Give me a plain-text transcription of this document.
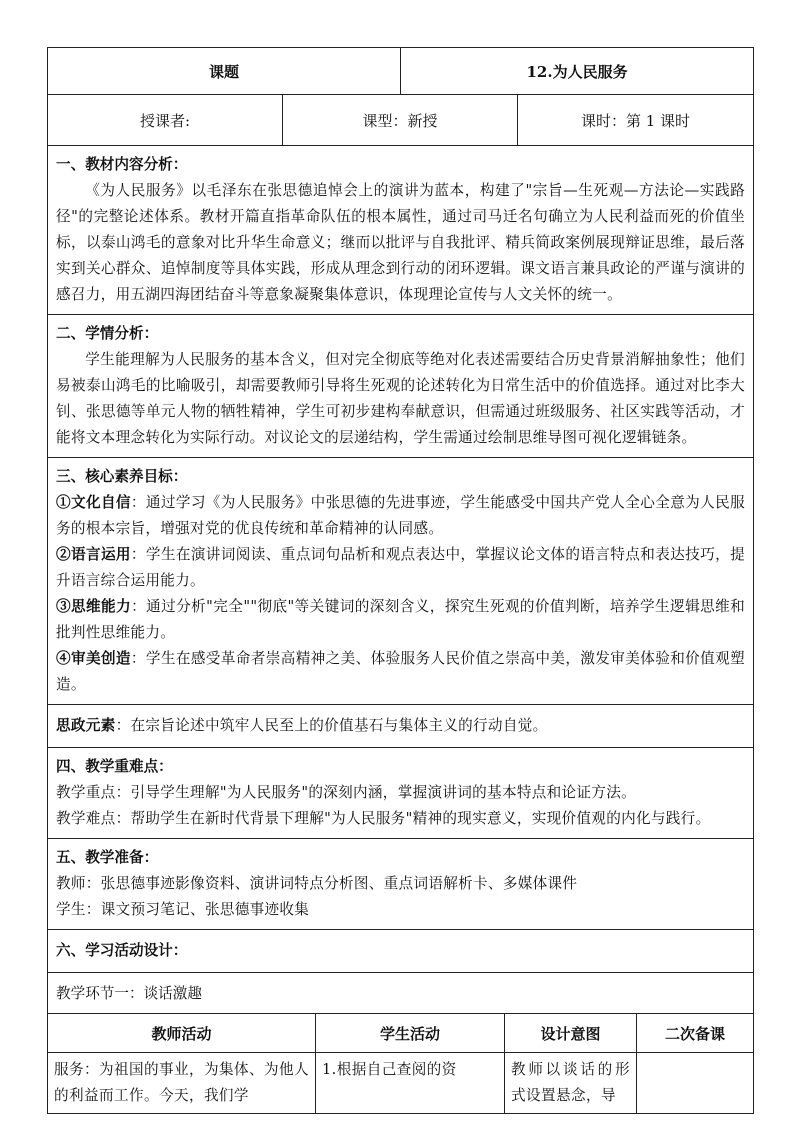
课题		12.为人民服务	
授课者:	课型：新授		课时：第 1 课时

一、教材内容分析：
《为人民服务》以毛泽东在张思德追悼会上的演讲为蓝本，构建了"宗旨—生死观—方法论—实践路径"的完整论述体系。教材开篇直指革命队伍的根本属性，通过司马迁名句确立为人民利益而死的价值坐标，以泰山鸿毛的意象对比升华生命意义；继而以批评与自我批评、精兵简政案例展现辩证思维，最后落实到关心群众、追悼制度等具体实践，形成从理念到行动的闭环逻辑。课文语言兼具政论的严谨与演讲的感召力，用五湖四海团结奋斗等意象凝聚集体意识，体现理论宣传与人文关怀的统一。			

二、学情分析：
学生能理解为人民服务的基本含义，但对完全彻底等绝对化表述需要结合历史背景消解抽象性；他们易被泰山鸿毛的比喻吸引，却需要教师引导将生死观的论述转化为日常生活中的价值选择。通过对比李大钊、张思德等单元人物的牺牲精神，学生可初步建构奉献意识，但需通过班级服务、社区实践等活动，才能将文本理念转化为实际行动。对议论文的层递结构，学生需通过绘制思维导图可视化逻辑链条。			

三、核心素养目标：
①文化自信：通过学习《为人民服务》中张思德的先进事迹，学生能感受中国共产党人全心全意为人民服务的根本宗旨，增强对党的优良传统和革命精神的认同感。
②语言运用：学生在演讲词阅读、重点词句品析和观点表达中，掌握议论文体的语言特点和表达技巧，提升语言综合运用能力。
③思维能力：通过分析"完全""彻底"等关键词的深刻含义，探究生死观的价值判断，培养学生逻辑思维和批判性思维能力。
④审美创造：学生在感受革命者崇高精神之美、体验服务人民价值之崇高中美，激发审美体验和价值观塑造。			

思政元素：在宗旨论述中筑牢人民至上的价值基石与集体主义的行动自觉。			

四、教学重难点：
教学重点：引导学生理解"为人民服务"的深刻内涵，掌握演讲词的基本特点和论证方法。
教学难点：帮助学生在新时代背景下理解"为人民服务"精神的现实意义，实现价值观的内化与践行。			

五、教学准备：
教师：张思德事迹影像资料、演讲词特点分析图、重点词语解析卡、多媒体课件
学生：课文预习笔记、张思德事迹收集			

六、学习活动设计：			

教学环节一：谈话激趣			
教师活动	学生活动	设计意图	二次备课
服务：为祖国的事业，为集体、为他人的利益而工作。今天，我们学	1.根据自己查阅的资	教师以谈话的形式设置悬念，导	
